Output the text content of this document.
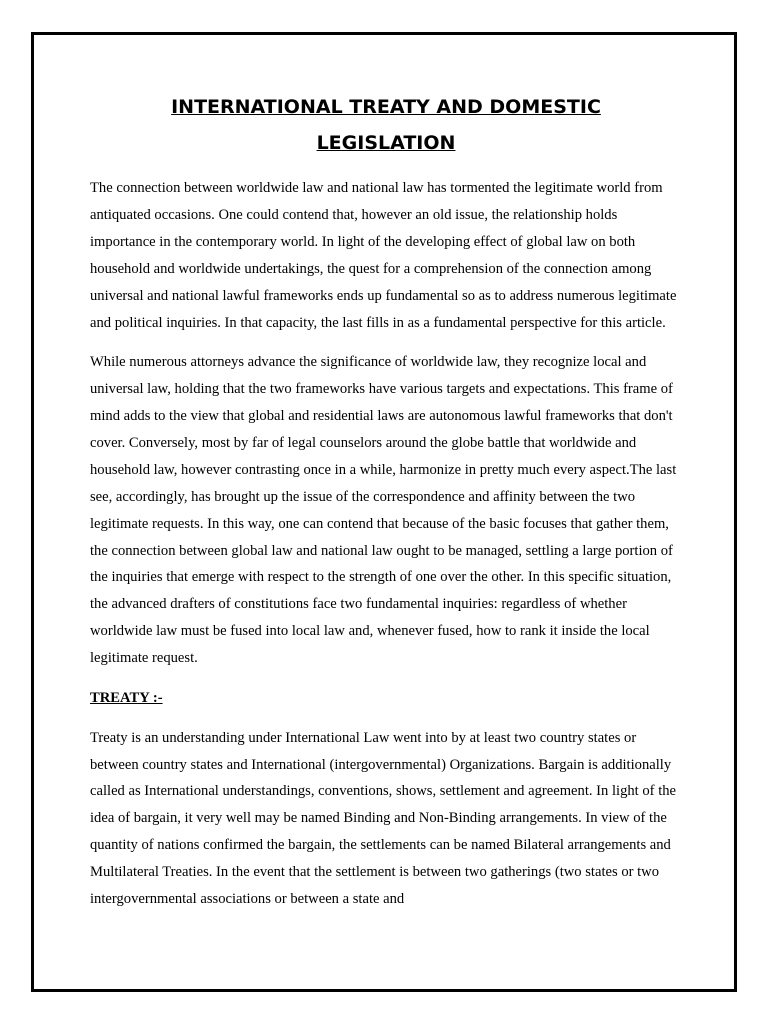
INTERNATIONAL TREATY AND DOMESTIC LEGISLATION

The connection between worldwide law and national law has tormented the legitimate world from antiquated occasions. One could contend that, however an old issue, the relationship holds importance in the contemporary world. In light of the developing effect of global law on both household and worldwide undertakings, the quest for a comprehension of the connection among universal and national lawful frameworks ends up fundamental so as to address numerous legitimate and political inquiries. In that capacity, the last fills in as a fundamental perspective for this article.

While numerous attorneys advance the significance of worldwide law, they recognize local and universal law, holding that the two frameworks have various targets and expectations. This frame of mind adds to the view that global and residential laws are autonomous lawful frameworks that don't cover. Conversely, most by far of legal counselors around the globe battle that worldwide and household law, however contrasting once in a while, harmonize in pretty much every aspect.The last see, accordingly, has brought up the issue of the correspondence and affinity between the two legitimate requests. In this way, one can contend that because of the basic focuses that gather them, the connection between global law and national law ought to be managed, settling a large portion of the inquiries that emerge with respect to the strength of one over the other. In this specific situation, the advanced drafters of constitutions face two fundamental inquiries: regardless of whether worldwide law must be fused into local law and, whenever fused, how to rank it inside the local legitimate request.

TREATY :-

Treaty is an understanding under International Law went into by at least two country states or between country states and International (intergovernmental) Organizations. Bargain is additionally called as International understandings, conventions, shows, settlement and agreement. In light of the idea of bargain, it very well may be named Binding and Non-Binding arrangements. In view of the quantity of nations confirmed the bargain, the settlements can be named Bilateral arrangements and Multilateral Treaties. In the event that the settlement is between two gatherings (two states or two intergovernmental associations or between a state and
